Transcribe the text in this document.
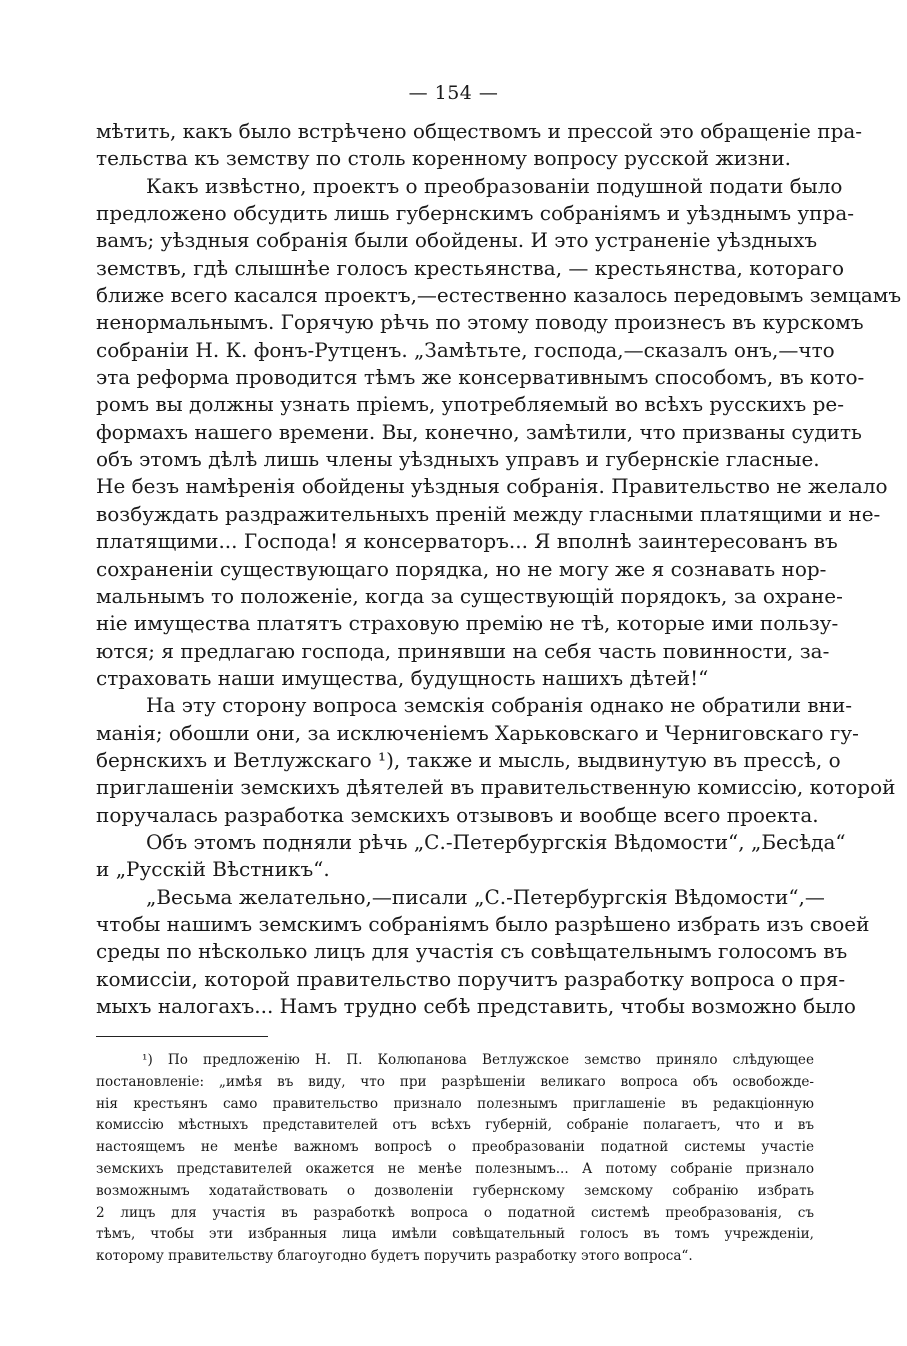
— 154 —
мѣтить, какъ было встрѣчено обществомъ и прессой это обращеніе пра-
тельства къ земству по столь коренному вопросу русской жизни.
Какъ извѣстно, проектъ о преобразованіи подушной подати было
предложено обсудить лишь губернскимъ собраніямъ и уѣзднымъ упра-
вамъ; уѣздныя собранія были обойдены. И это устраненіе уѣздныхъ
земствъ, гдѣ слышнѣе голосъ крестьянства, — крестьянства, котораго
ближе всего касался проектъ,—естественно казалось передовымъ земцамъ
ненормальнымъ. Горячую рѣчь по этому поводу произнесъ въ курскомъ
собраніи Н. К. фонъ-Рутценъ. „Замѣтьте, господа,—сказалъ онъ,—что
эта реформа проводится тѣмъ же консервативнымъ способомъ, въ кото-
ромъ вы должны узнать пріемъ, употребляемый во всѣхъ русскихъ ре-
формахъ нашего времени. Вы, конечно, замѣтили, что призваны судить
объ этомъ дѣлѣ лишь члены уѣздныхъ управъ и губернскіе гласные.
Не безъ намѣренія обойдены уѣздныя собранія. Правительство не желало
возбуждать раздражительныхъ преній между гласными платящими и не-
платящими... Господа! я консерваторъ... Я вполнѣ заинтересованъ въ
сохраненіи существующаго порядка, но не могу же я сознавать нор-
мальнымъ то положеніе, когда за существующій порядокъ, за охране-
ніе имущества платятъ страховую премію не тѣ, которые ими пользу-
ются; я предлагаю господа, принявши на себя часть повинности, за-
страховать наши имущества, будущность нашихъ дѣтей!“
На эту сторону вопроса земскія собранія однако не обратили вни-
манія; обошли они, за исключеніемъ Харьковскаго и Черниговскаго гу-
бернскихъ и Ветлужскаго ¹), также и мысль, выдвинутую въ прессѣ, о
приглашеніи земскихъ дѣятелей въ правительственную комиссію, которой
поручалась разработка земскихъ отзывовъ и вообще всего проекта.
Объ этомъ подняли рѣчь „С.-Петербургскія Вѣдомости“, „Бесѣда“
и „Русскій Вѣстникъ“.
„Весьма желательно,—писали „С.-Петербургскія Вѣдомости“,—
чтобы нашимъ земскимъ собраніямъ было разрѣшено избрать изъ своей
среды по нѣсколько лицъ для участія съ совѣщательнымъ голосомъ въ
комиссіи, которой правительство поручитъ разработку вопроса о пря-
мыхъ налогахъ... Намъ трудно себѣ представить, чтобы возможно было
¹) По предложенію Н. П. Колюпанова Ветлужское земство приняло слѣдующее
постановленіе: „имѣя въ виду, что при разрѣшеніи великаго вопроса объ освобожде-
нія крестьянъ само правительство признало полезнымъ приглашеніе въ редакціонную
комиссію мѣстныхъ представителей отъ всѣхъ губерній, собраніе полагаетъ, что и въ
настоящемъ не менѣе важномъ вопросѣ о преобразованіи податной системы участіе
земскихъ представителей окажется не менѣе полезнымъ... А потому собраніе признало
возможнымъ ходатайствовать о дозволеніи губернскому земскому собранію избрать
2 лицъ для участія въ разработкѣ вопроса о податной системѣ преобразованія, съ
тѣмъ, чтобы эти избранныя лица имѣли совѣщательный голосъ въ томъ учрежденіи,
которому правительству благоугодно будетъ поручить разработку этого вопроса“.
